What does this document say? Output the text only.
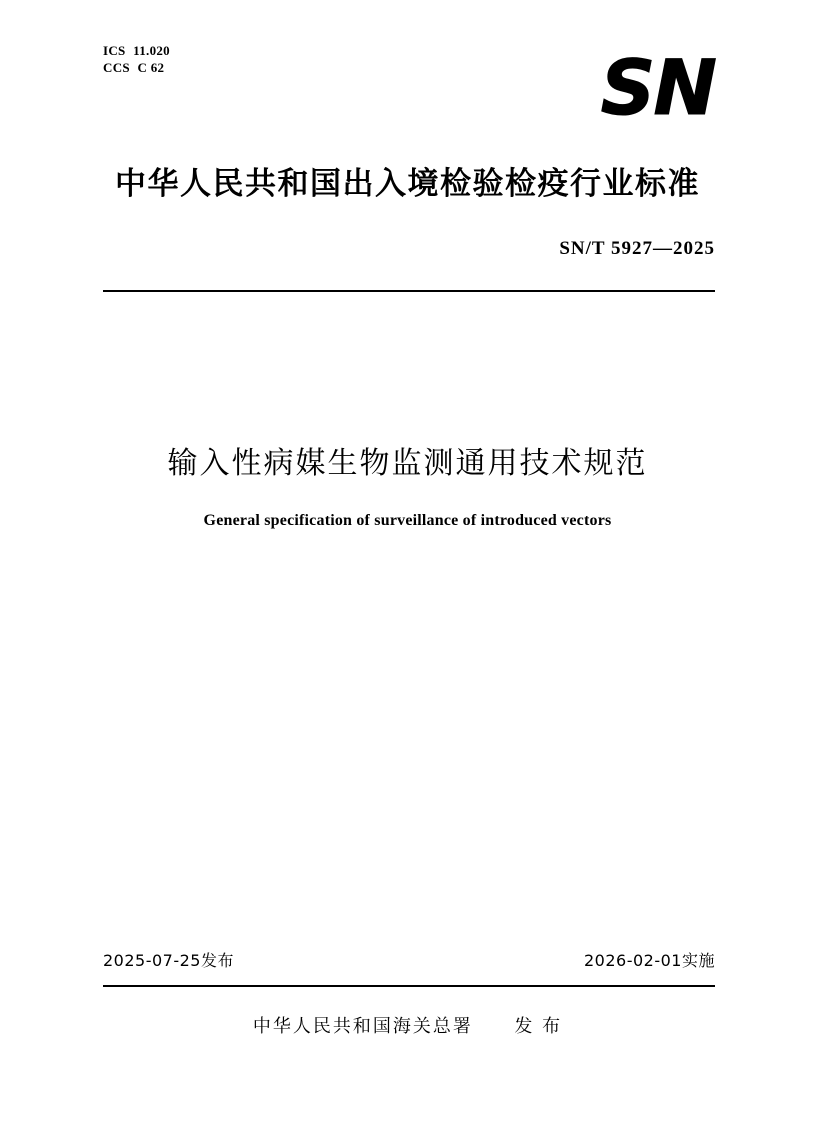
ICS 11.020
CCS C 62	SN
中华人民共和国出入境检验检疫行业标准
SN/T 5927—2025
输入性病媒生物监测通用技术规范
General specification of surveillance of introduced vectors
2025-07-25发布	2026-02-01实施
中华人民共和国海关总署 发 布
